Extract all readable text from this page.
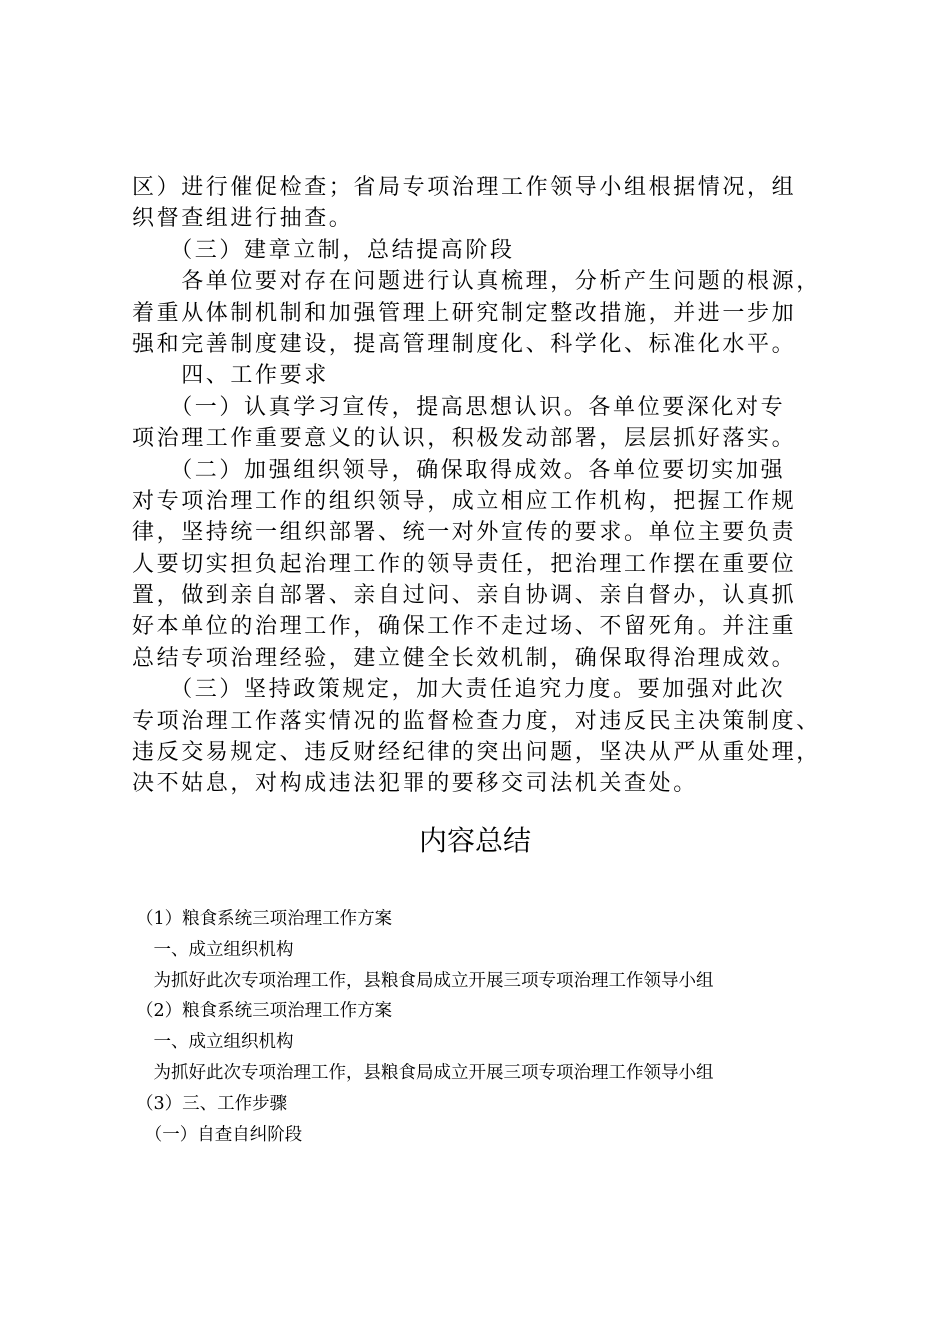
区）进行催促检查；省局专项治理工作领导小组根据情况，组
织督查组进行抽查。
　　（三）建章立制，总结提高阶段
　　各单位要对存在问题进行认真梳理，分析产生问题的根源，
着重从体制机制和加强管理上研究制定整改措施，并进一步加
强和完善制度建设，提高管理制度化、科学化、标准化水平。
　　四、工作要求
　　（一）认真学习宣传，提高思想认识。各单位要深化对专
项治理工作重要意义的认识，积极发动部署，层层抓好落实。
　　（二）加强组织领导，确保取得成效。各单位要切实加强
对专项治理工作的组织领导，成立相应工作机构，把握工作规
律，坚持统一组织部署、统一对外宣传的要求。单位主要负责
人要切实担负起治理工作的领导责任，把治理工作摆在重要位
置，做到亲自部署、亲自过问、亲自协调、亲自督办，认真抓
好本单位的治理工作，确保工作不走过场、不留死角。并注重
总结专项治理经验，建立健全长效机制，确保取得治理成效。
　　（三）坚持政策规定，加大责任追究力度。要加强对此次
专项治理工作落实情况的监督检查力度，对违反民主决策制度、
违反交易规定、违反财经纪律的突出问题，坚决从严从重处理，
决不姑息，对构成违法犯罪的要移交司法机关查处。
内容总结
（1）粮食系统三项治理工作方案
　一、成立组织机构
　为抓好此次专项治理工作，县粮食局成立开展三项专项治理工作领导小组
（2）粮食系统三项治理工作方案
　一、成立组织机构
　为抓好此次专项治理工作，县粮食局成立开展三项专项治理工作领导小组
（3）三、工作步骤
　（一）自查自纠阶段
